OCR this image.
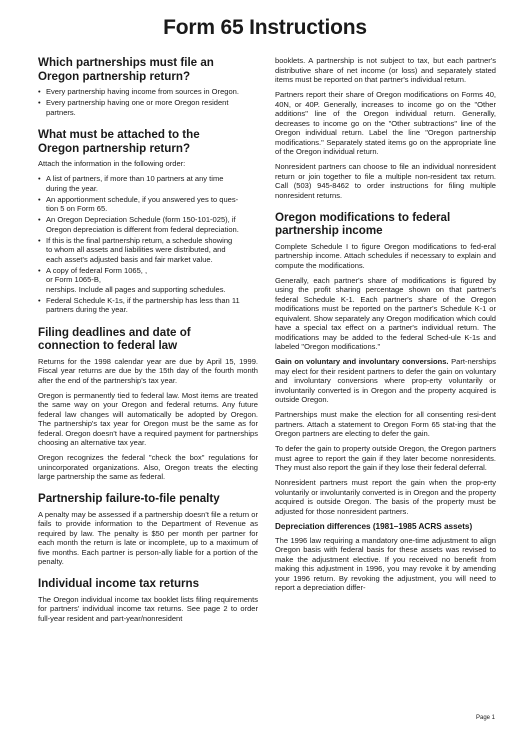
Form 65 Instructions
Which partnerships must file an
Oregon partnership return?
• Every partnership having income from sources in Oregon.
• Every partnership having one or more Oregon resident
partners.
What must be attached to the
Oregon partnership return?

Attach the information in the following order:

• A list of partners, if more than 10 partners at any time
during the year.
• An apportionment schedule, if you answered yes to ques-
tion 5 on Form 65.
• An Oregon Depreciation Schedule (form 150-101-025), if
Oregon depreciation is different from federal depreciation.
• If this is the final partnership return, a schedule showing
to whom all assets and liabilities were distributed, and
each asset's adjusted basis and fair market value.
• A copy of federal Form 1065, ,
or Form 1065-B,
nerships. Include all pages and supporting schedules.
• Federal Schedule K-1s, if the partnership has less than 11
partners during the year.
Filing deadlines and date of
connection to federal law

Returns for the 1998 calendar year are due by April 15, 1999. Fiscal year returns are due by the 15th day of the fourth month after the end of the partnership's tax year.

Oregon is permanently tied to federal law. Most items are treated the same way on your Oregon and federal returns. Any future federal law changes will automatically be adopted by Oregon. The partnership's tax year for Oregon must be the same as for federal. Oregon doesn't have a required payment for partnerships choosing an alternative tax year.

Oregon recognizes the federal "check the box" regulations for unincorporated organizations. Also, Oregon treats the electing large partnership the same as federal.

Partnership failure-to-file penalty

A penalty may be assessed if a partnership doesn't file a return or fails to provide information to the Department of Revenue as required by law. The penalty is $50 per month per partner for each month the return is late or incomplete, up to a maximum of five months. Each partner is person-ally liable for a portion of the penalty.

Individual income tax returns

The Oregon individual income tax booklet lists filing requirements for partners' individual income tax returns. See page 2 to order full-year resident and part-year/nonresident

booklets. A partnership is not subject to tax, but each partner's distributive share of net income (or loss) and separately stated items must be reported on that partner's individual return.

Partners report their share of Oregon modifications on Forms 40, 40N, or 40P. Generally, increases to income go on the "Other additions" line of the Oregon individual return. Generally, decreases to income go on the "Other subtractions" line of the Oregon individual return. Label the line "Oregon partnership modifications." Separately stated items go on the appropriate line of the Oregon individual return.

Nonresident partners can choose to file an individual nonresident return or join together to file a multiple non-resident tax return. Call (503) 945-8462 to order instructions for filing multiple nonresident returns.

Oregon modifications to federal
partnership income

Complete Schedule I to figure Oregon modifications to fed-eral partnership income. Attach schedules if necessary to explain and compute the modifications.

Generally, each partner's share of modifications is figured by using the profit sharing percentage shown on that partner's federal Schedule K-1. Each partner's share of the Oregon modifications must be reported on the partner's Schedule K-1 or equivalent. Show separately any Oregon modification which could have a special tax effect on a partner's individual return. The modifications may be added to the federal Sched-ule K-1s and labeled "Oregon modifications."

Gain on voluntary and involuntary conversions. Part-nerships may elect for their resident partners to defer the gain on voluntary and involuntary conversions where prop-erty voluntarily or involuntarily converted is in Oregon and the property acquired is outside Oregon.

Partnerships must make the election for all consenting resi-dent partners. Attach a statement to Oregon Form 65 stat-ing that the Oregon partners are electing to defer the gain.

To defer the gain to property outside Oregon, the Oregon partners must agree to report the gain if they later become nonresidents. They must also report the gain if they lose their federal deferral.

Nonresident partners must report the gain when the prop-erty voluntarily or involuntarily converted is in Oregon and the property acquired is outside Oregon. The basis of the property must be adjusted for those nonresident partners.

Depreciation differences (1981–1985 ACRS assets)

The 1996 law requiring a mandatory one-time adjustment to align Oregon basis with federal basis for these assets was revised to make the adjustment elective. If you received no benefit from making this adjustment in 1996, you may revoke it by amending your 1996 return. By revoking the adjustment, you will need to report a depreciation differ-

Page 1
